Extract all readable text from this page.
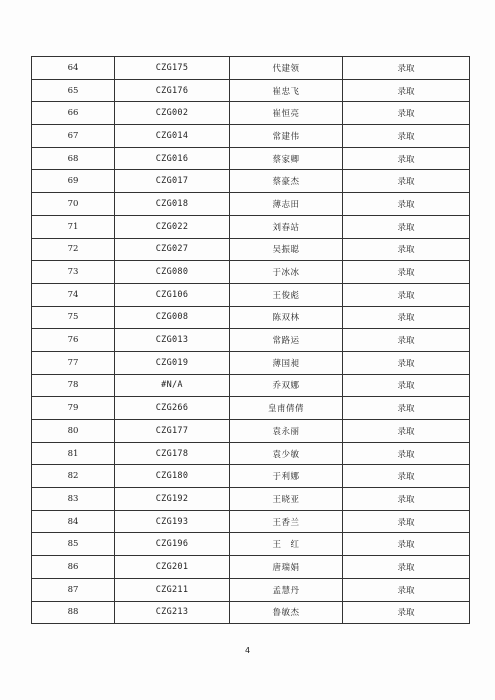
64	CZG175	代建领	录取
65	CZG176	崔忠飞	录取
66	CZG002	崔恒亮	录取
67	CZG014	常建伟	录取
68	CZG016	蔡家卿	录取
69	CZG017	蔡豪杰	录取
70	CZG018	薄志田	录取
71	CZG022	刘春站	录取
72	CZG027	吴振聪	录取
73	CZG080	于冰冰	录取
74	CZG106	王俊彪	录取
75	CZG008	陈双林	录取
76	CZG013	常路运	录取
77	CZG019	薄国昶	录取
78	#N/A	乔双娜	录取
79	CZG266	皇甫倩倩	录取
80	CZG177	袁永丽	录取
81	CZG178	袁少敏	录取
82	CZG180	于利娜	录取
83	CZG192	王晓亚	录取
84	CZG193	王香兰	录取
85	CZG196	王　红	录取
86	CZG201	唐瑞娟	录取
87	CZG211	孟慧丹	录取
88	CZG213	鲁敏杰	录取
4
